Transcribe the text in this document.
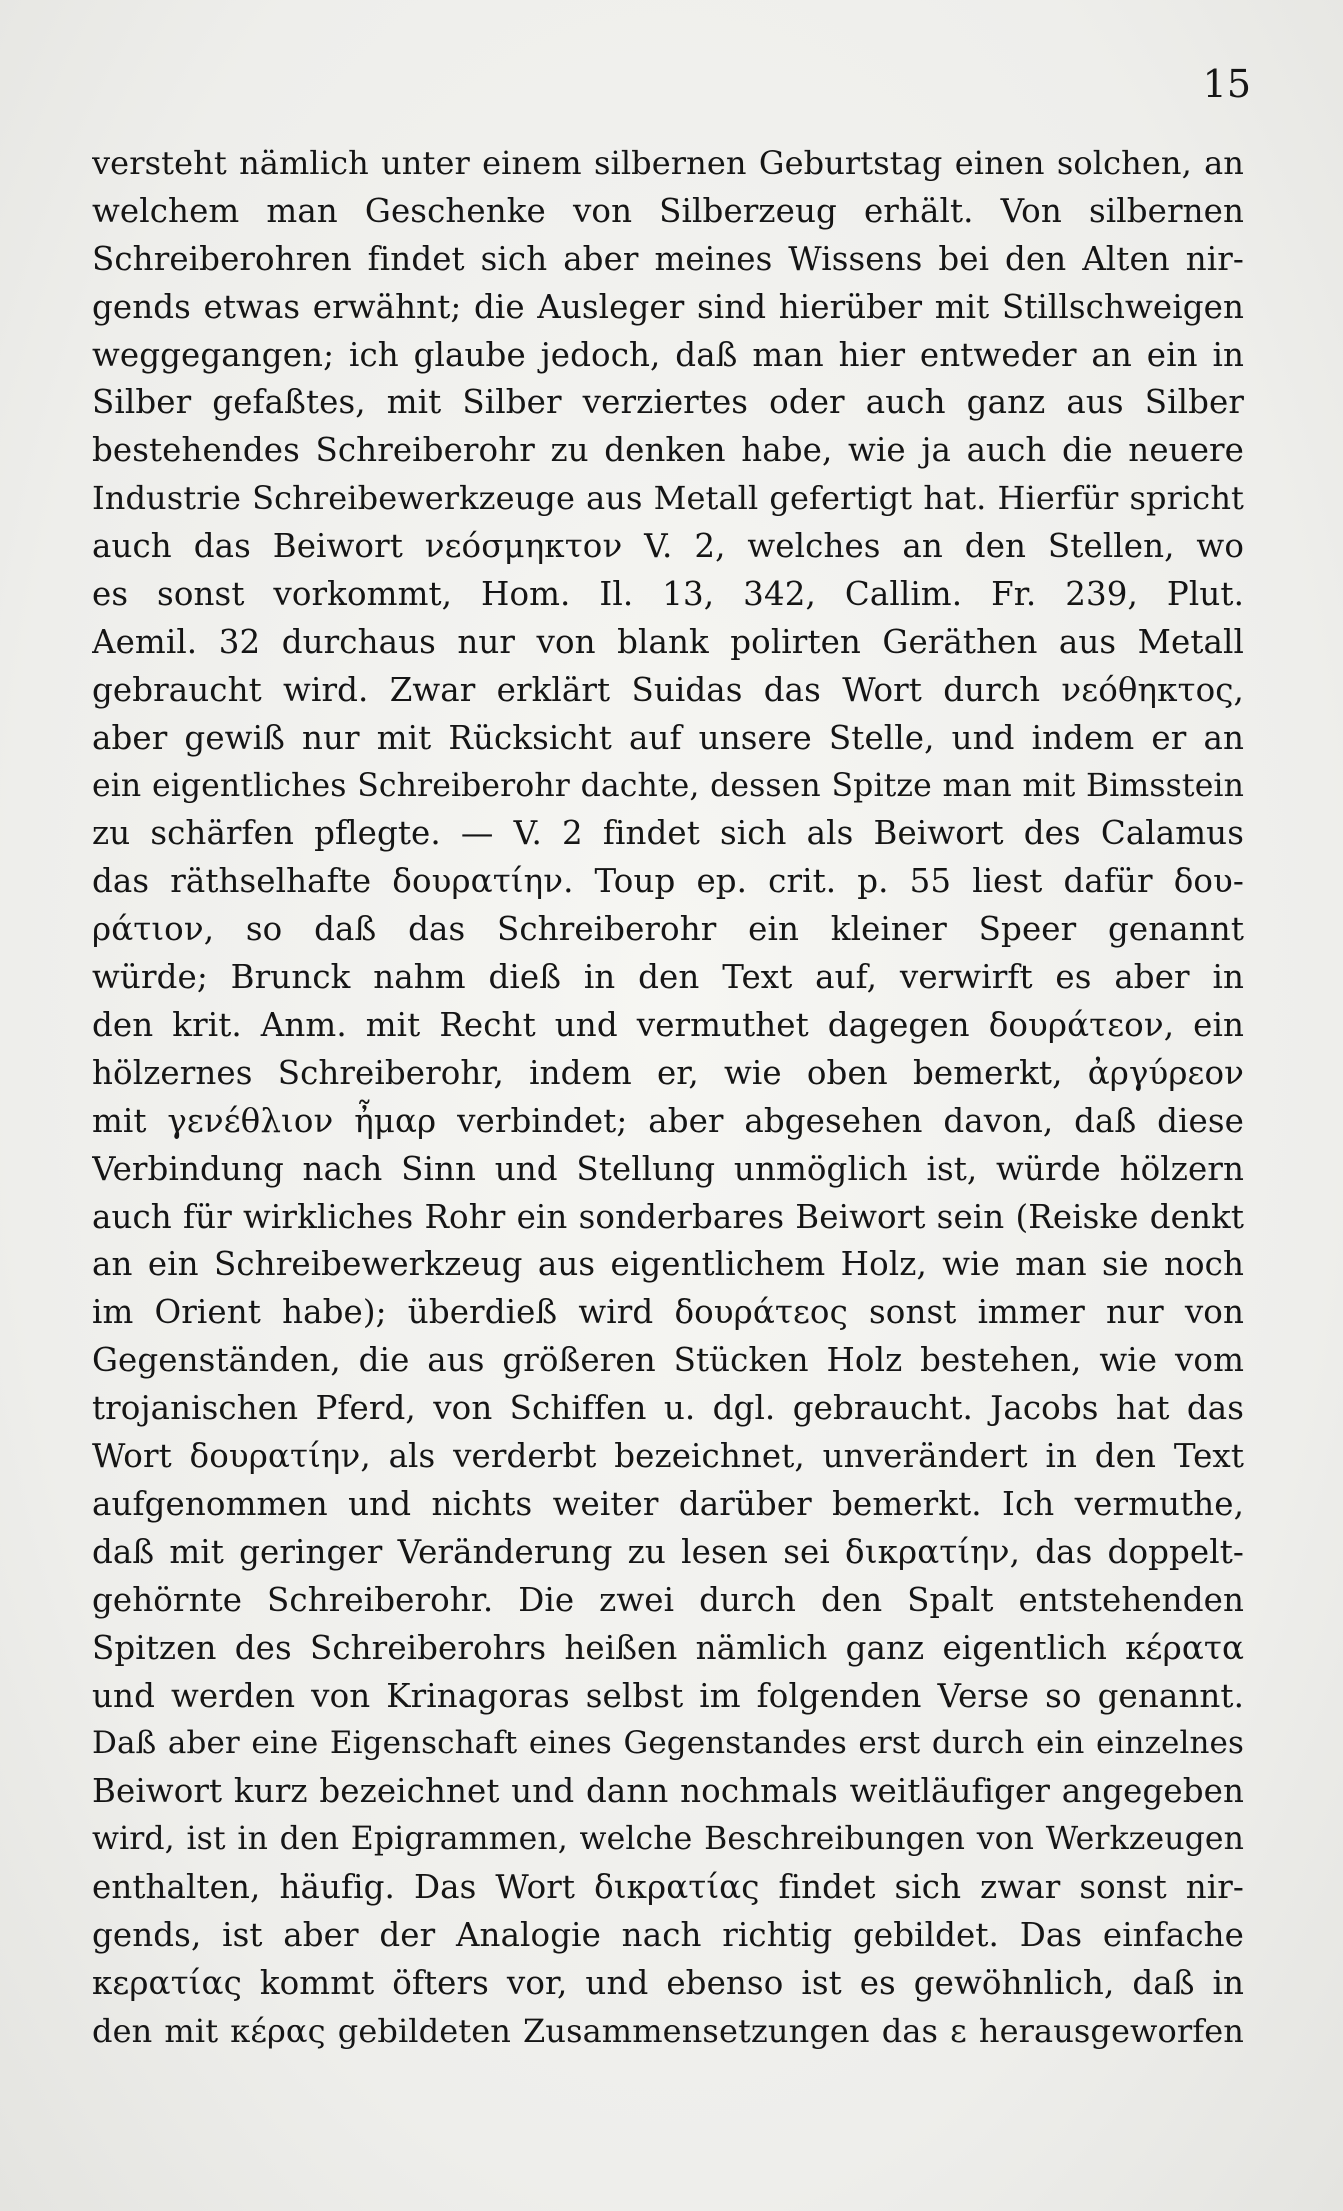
15

versteht nämlich unter einem silbernen Geburtstag einen solchen, an
welchem man Geschenke von Silberzeug erhält. Von silbernen
Schreiberohren findet sich aber meines Wissens bei den Alten nir-
gends etwas erwähnt; die Ausleger sind hierüber mit Stillschweigen
weggegangen; ich glaube jedoch, daß man hier entweder an ein in
Silber gefaßtes, mit Silber verziertes oder auch ganz aus Silber
bestehendes Schreiberohr zu denken habe, wie ja auch die neuere
Industrie Schreibewerkzeuge aus Metall gefertigt hat. Hierfür spricht
auch das Beiwort νεόσμηκτον V. 2, welches an den Stellen, wo
es sonst vorkommt, Hom. Il. 13, 342, Callim. Fr. 239, Plut.
Aemil. 32 durchaus nur von blank polirten Geräthen aus Metall
gebraucht wird. Zwar erklärt Suidas das Wort durch νεόθηκτος,
aber gewiß nur mit Rücksicht auf unsere Stelle, und indem er an
ein eigentliches Schreiberohr dachte, dessen Spitze man mit Bimsstein
zu schärfen pflegte. — V. 2 findet sich als Beiwort des Calamus
das räthselhafte δουρατίην. Toup ep. crit. p. 55 liest dafür δου-
ράτιον, so daß das Schreiberohr ein kleiner Speer genannt
würde; Brunck nahm dieß in den Text auf, verwirft es aber in
den krit. Anm. mit Recht und vermuthet dagegen δουράτεον, ein
hölzernes Schreiberohr, indem er, wie oben bemerkt, ἀργύρεον
mit γενέθλιον ἦμαρ verbindet; aber abgesehen davon, daß diese
Verbindung nach Sinn und Stellung unmöglich ist, würde hölzern
auch für wirkliches Rohr ein sonderbares Beiwort sein (Reiske denkt
an ein Schreibewerkzeug aus eigentlichem Holz, wie man sie noch
im Orient habe); überdieß wird δουράτεος sonst immer nur von
Gegenständen, die aus größeren Stücken Holz bestehen, wie vom
trojanischen Pferd, von Schiffen u. dgl. gebraucht. Jacobs hat das
Wort δουρατίην, als verderbt bezeichnet, unverändert in den Text
aufgenommen und nichts weiter darüber bemerkt. Ich vermuthe,
daß mit geringer Veränderung zu lesen sei δικρατίην, das doppelt-
gehörnte Schreiberohr. Die zwei durch den Spalt entstehenden
Spitzen des Schreiberohrs heißen nämlich ganz eigentlich κέρατα
und werden von Krinagoras selbst im folgenden Verse so genannt.
Daß aber eine Eigenschaft eines Gegenstandes erst durch ein einzelnes
Beiwort kurz bezeichnet und dann nochmals weitläufiger angegeben
wird, ist in den Epigrammen, welche Beschreibungen von Werkzeugen
enthalten, häufig. Das Wort δικρατίας findet sich zwar sonst nir-
gends, ist aber der Analogie nach richtig gebildet. Das einfache
κερατίας kommt öfters vor, und ebenso ist es gewöhnlich, daß in
den mit κέρας gebildeten Zusammensetzungen das ε herausgeworfen
